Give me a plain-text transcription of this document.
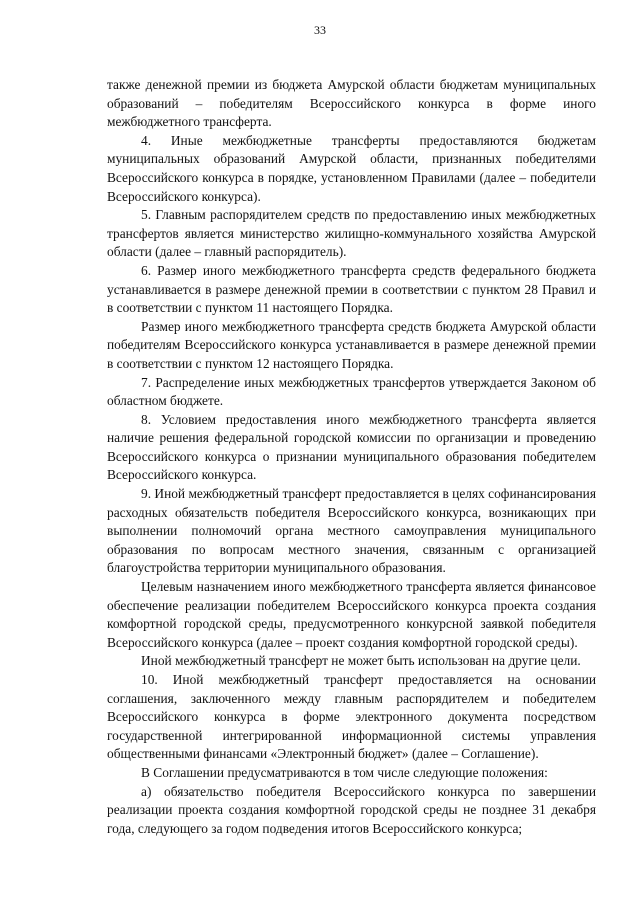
33

также денежной премии из бюджета Амурской области бюджетам муниципальных образований – победителям Всероссийского конкурса в форме иного межбюджетного трансферта.

4. Иные межбюджетные трансферты предоставляются бюджетам муниципальных образований Амурской области, признанных победителями Всероссийского конкурса в порядке, установленном Правилами (далее – победители Всероссийского конкурса).

5. Главным распорядителем средств по предоставлению иных межбюджетных трансфертов является министерство жилищно-коммунального хозяйства Амурской области (далее – главный распорядитель).

6. Размер иного межбюджетного трансферта средств федерального бюджета устанавливается в размере денежной премии в соответствии с пунктом 28 Правил и в соответствии с пунктом 11 настоящего Порядка.

Размер иного межбюджетного трансферта средств бюджета Амурской области победителям Всероссийского конкурса устанавливается в размере денежной премии в соответствии с пунктом 12 настоящего Порядка.

7. Распределение иных межбюджетных трансфертов утверждается Законом об областном бюджете.

8. Условием предоставления иного межбюджетного трансферта является наличие решения федеральной городской комиссии по организации и проведению Всероссийского конкурса о признании муниципального образования победителем Всероссийского конкурса.

9. Иной межбюджетный трансферт предоставляется в целях софинансирования расходных обязательств победителя Всероссийского конкурса, возникающих при выполнении полномочий органа местного самоуправления муниципального образования по вопросам местного значения, связанным с организацией благоустройства территории муниципального образования.

Целевым назначением иного межбюджетного трансферта является финансовое обеспечение реализации победителем Всероссийского конкурса проекта создания комфортной городской среды, предусмотренного конкурсной заявкой победителя Всероссийского конкурса (далее – проект создания комфортной городской среды).

Иной межбюджетный трансферт не может быть использован на другие цели.

10. Иной межбюджетный трансферт предоставляется на основании соглашения, заключенного между главным распорядителем и победителем Всероссийского конкурса в форме электронного документа посредством государственной интегрированной информационной системы управления общественными финансами «Электронный бюджет» (далее – Соглашение).

В Соглашении предусматриваются в том числе следующие положения:

а) обязательство победителя Всероссийского конкурса по завершении реализации проекта создания комфортной городской среды не позднее 31 декабря года, следующего за годом подведения итогов Всероссийского конкурса;
